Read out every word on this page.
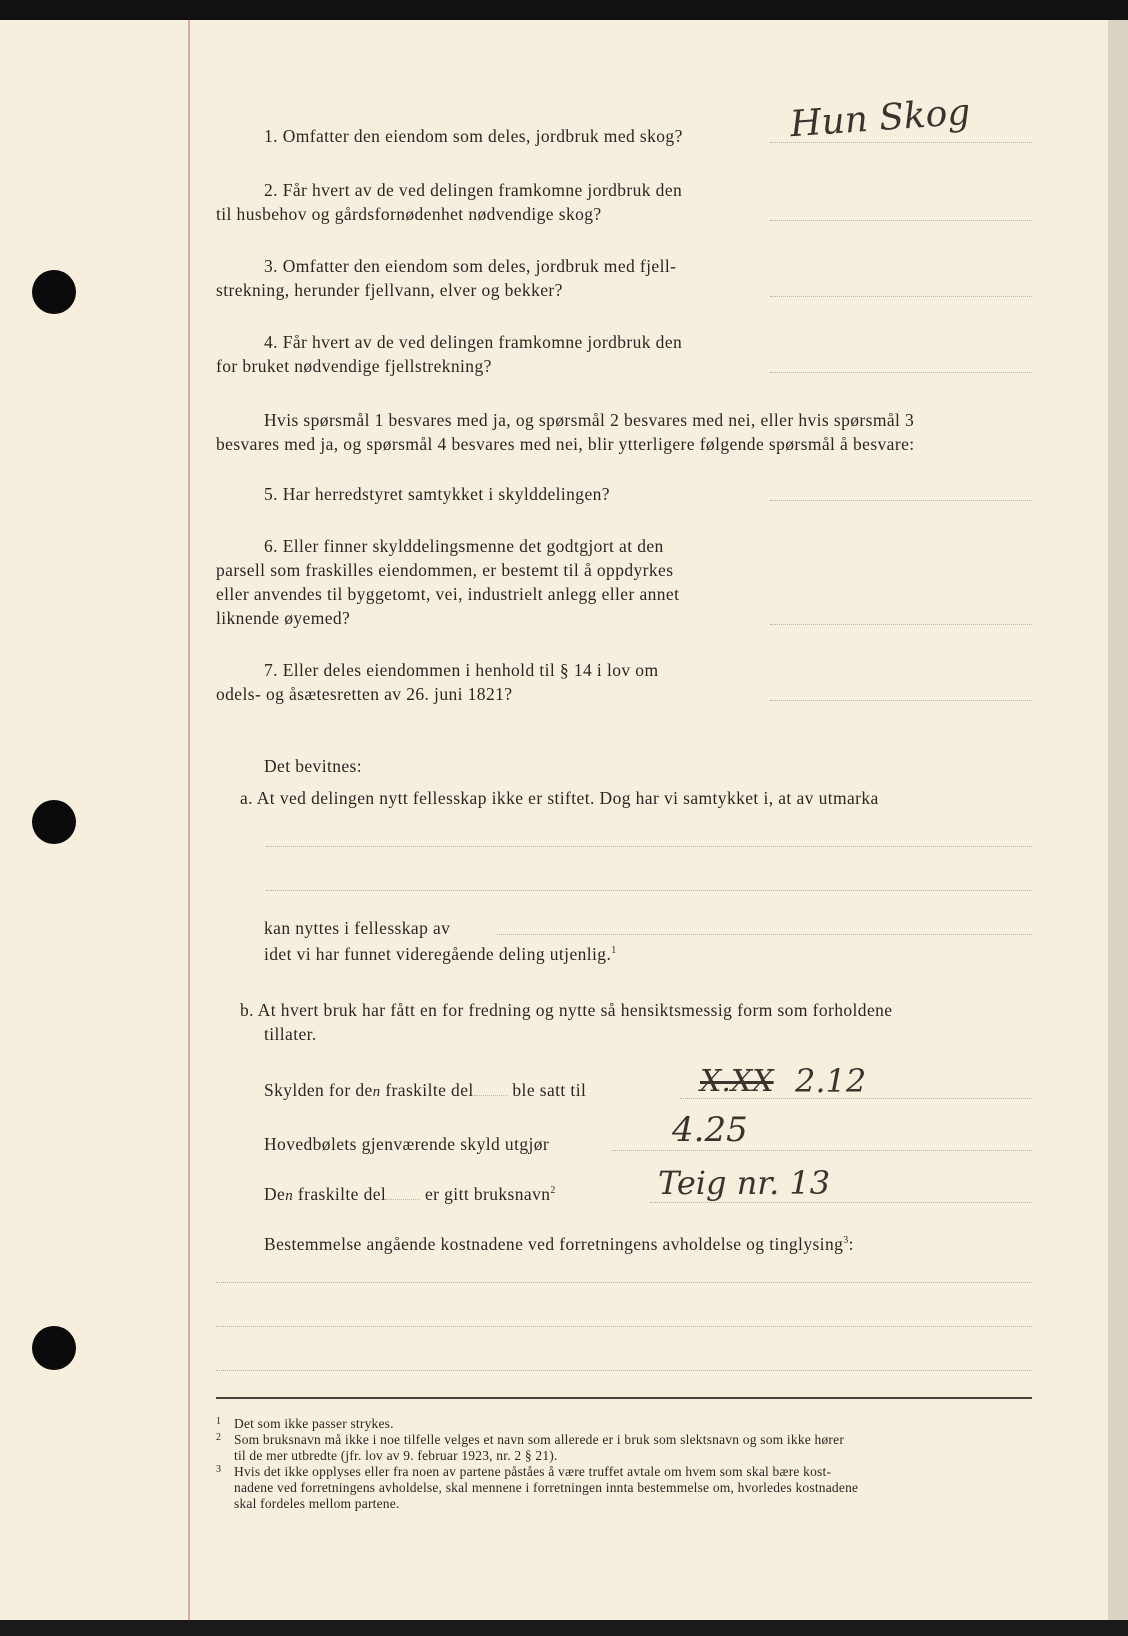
1. Omfatter den eiendom som deles, jordbruk med skog?	Hun Skog
2. Får hvert av de ved delingen framkomne jordbruk den
til husbehov og gårdsfornødenhet nødvendige skog?
3. Omfatter den eiendom som deles, jordbruk med fjell-
strekning, herunder fjellvann, elver og bekker?
4. Får hvert av de ved delingen framkomne jordbruk den
for bruket nødvendige fjellstrekning?
Hvis spørsmål 1 besvares med ja, og spørsmål 2 besvares med nei, eller hvis spørsmål 3
besvares med ja, og spørsmål 4 besvares med nei, blir ytterligere følgende spørsmål å besvare:
5. Har herredstyret samtykket i skylddelingen?
6. Eller finner skylddelingsmenne det godtgjort at den
parsell som fraskilles eiendommen, er bestemt til å oppdyrkes
eller anvendes til byggetomt, vei, industrielt anlegg eller annet
liknende øyemed?
7. Eller deles eiendommen i henhold til § 14 i lov om
odels- og åsætesretten av 26. juni 1821?
Det bevitnes:
a. At ved delingen nytt fellesskap ikke er stiftet. Dog har vi samtykket i, at av utmarka
kan nyttes i fellesskap av
idet vi har funnet videregående deling utjenlig.$^1$
b. At hvert bruk har fått en for fredning og nytte så hensiktsmessig form som forholdene
tillater.
Skylden for den fraskilte del ble satt til	X.XX 2.12
Hovedbølets gjenværende skyld utgjør	4.25
Den fraskilte del er gitt bruksnavn$^2$	Teig nr. 13
Bestemmelse angående kostnadene ved forretningens avholdelse og tinglysing$^3$:
1 Det som ikke passer strykes.
2 Som bruksnavn må ikke i noe tilfelle velges et navn som allerede er i bruk som slektsnavn og som ikke hører
til de mer utbredte (jfr. lov av 9. februar 1923, nr. 2 § 21).
3 Hvis det ikke opplyses eller fra noen av partene påståes å være truffet avtale om hvem som skal bære kost-
nadene ved forretningens avholdelse, skal mennene i forretningen innta bestemmelse om, hvorledes kostnadene
skal fordeles mellom partene.
